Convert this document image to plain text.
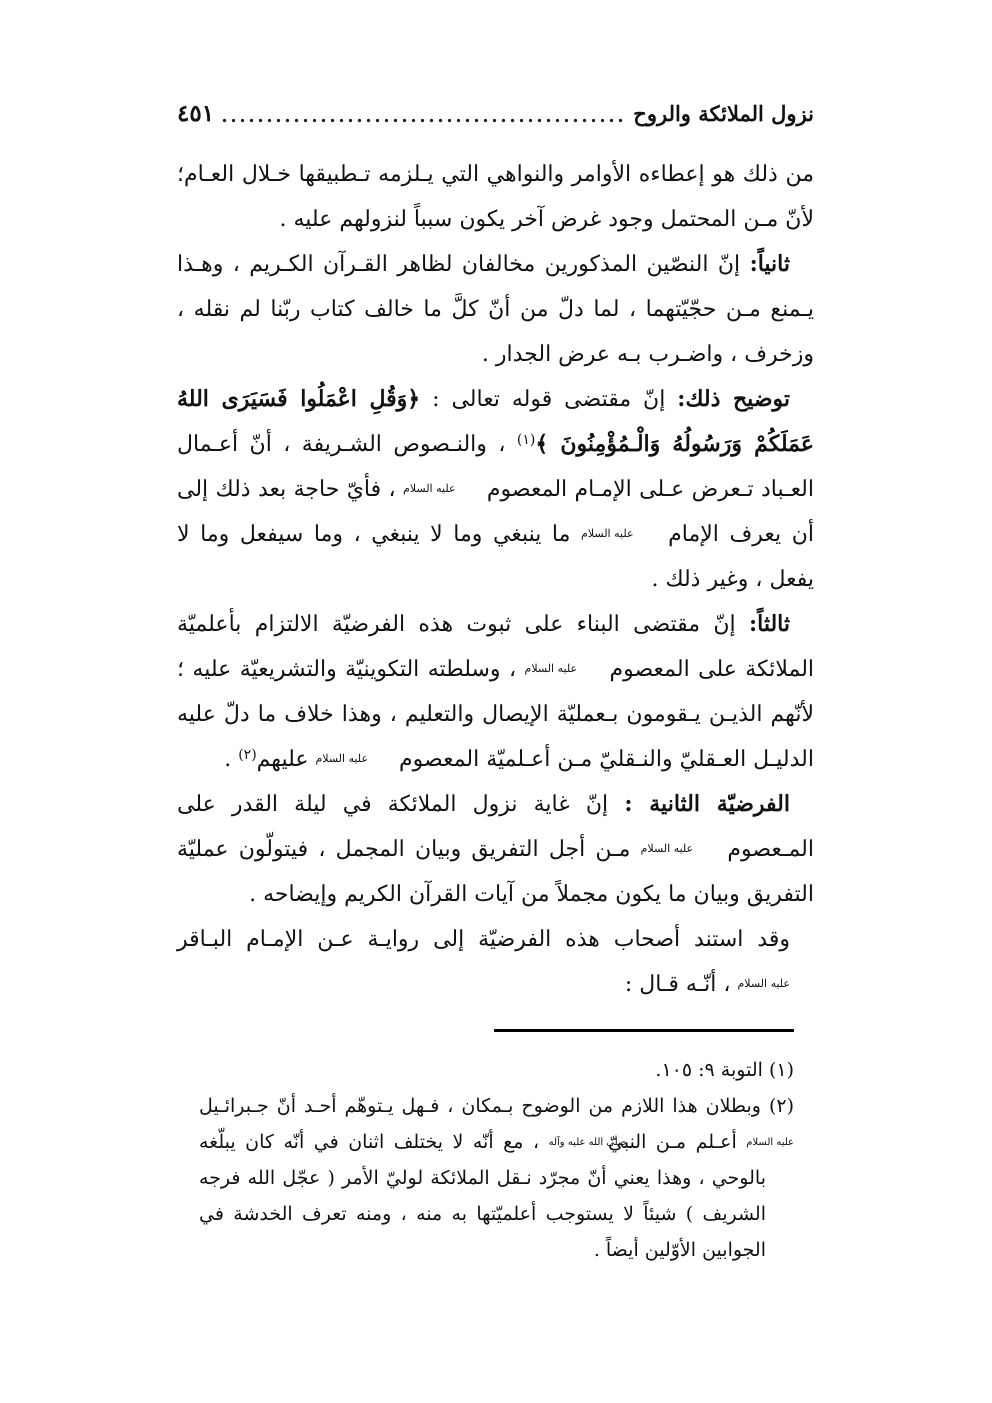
نزول الملائكة والروح
٤٥١

من ذلك هو إعطاءه الأوامر والنواهي التي يـلزمه تـطبيقها خـلال العـام؛ لأنّ مـن المحتمل وجود غرض آخر يكون سبباً لنزولهم عليه .

ثانياً: إنّ النصّين المذكورين مخالفان لظاهر القـرآن الكـريم ، وهـذا يـمنع مـن حجّيّتهما ، لما دلّ من أنّ كلَّ ما خالف كتاب ربّنا لم نقله ، وزخرف ، واضـرب بـه عرض الجدار .

توضيح ذلك: إنّ مقتضى قوله تعالى : ﴿وَقُلِ اعْمَلُوا فَسَيَرَى اللهُ عَمَلَكُمْ وَرَسُولُهُ وَالْـمُؤْمِنُونَ ﴾$^{(١)}$ ، والنـصوص الشـريفة ، أنّ أعـمال العـباد تـعرض عـلى الإمـام المعصوم عليه السلام ، فأيّ حاجة بعد ذلك إلى أن يعرف الإمام عليه السلام ما ينبغي وما لا ينبغي ، وما سيفعل وما لا يفعل ، وغير ذلك .

ثالثاً: إنّ مقتضى البناء على ثبوت هذه الفرضيّة الالتزام بأعلميّة الملائكة على المعصوم عليه السلام ، وسلطته التكوينيّة والتشريعيّة عليه ؛ لأنّهم الذيـن يـقومون بـعمليّة الإيصال والتعليم ، وهذا خلاف ما دلّ عليه الدليـل العـقليّ والنـقليّ مـن أعـلميّة المعصوم عليه السلام عليهم$^{(٢)}$ .

الفرضيّة الثانية : إنّ غاية نزول الملائكة في ليلة القدر على المـعصوم عليه السلام مـن أجل التفريق وبيان المجمل ، فيتولّون عمليّة التفريق وبيان ما يكون مجملاً من آيات القرآن الكريم وإيضاحه .

وقد استند أصحاب هذه الفرضيّة إلى روايـة عـن الإمـام البـاقر عليه السلام ، أنّـه قـال :

(١) التوبة ٩: ١٠٥.
(٢) وبطلان هذا اللازم من الوضوح بـمكان ، فـهل يـتوهّم أحـد أنّ جـبرائـيل عليه السلام أعـلم مـن النبيّ صلى الله عليه وآله ، مع أنّه لا يختلف اثنان في أنّه كان يبلّغه بالوحي ، وهذا يعني أنّ مجرّد نـقل الملائكة لوليّ الأمر ( عجّل الله فرجه الشريف ) شيئاً لا يستوجب أعلميّتها به منه ، ومنه تعرف الخدشة في الجوابين الأوّلين أيضاً .
